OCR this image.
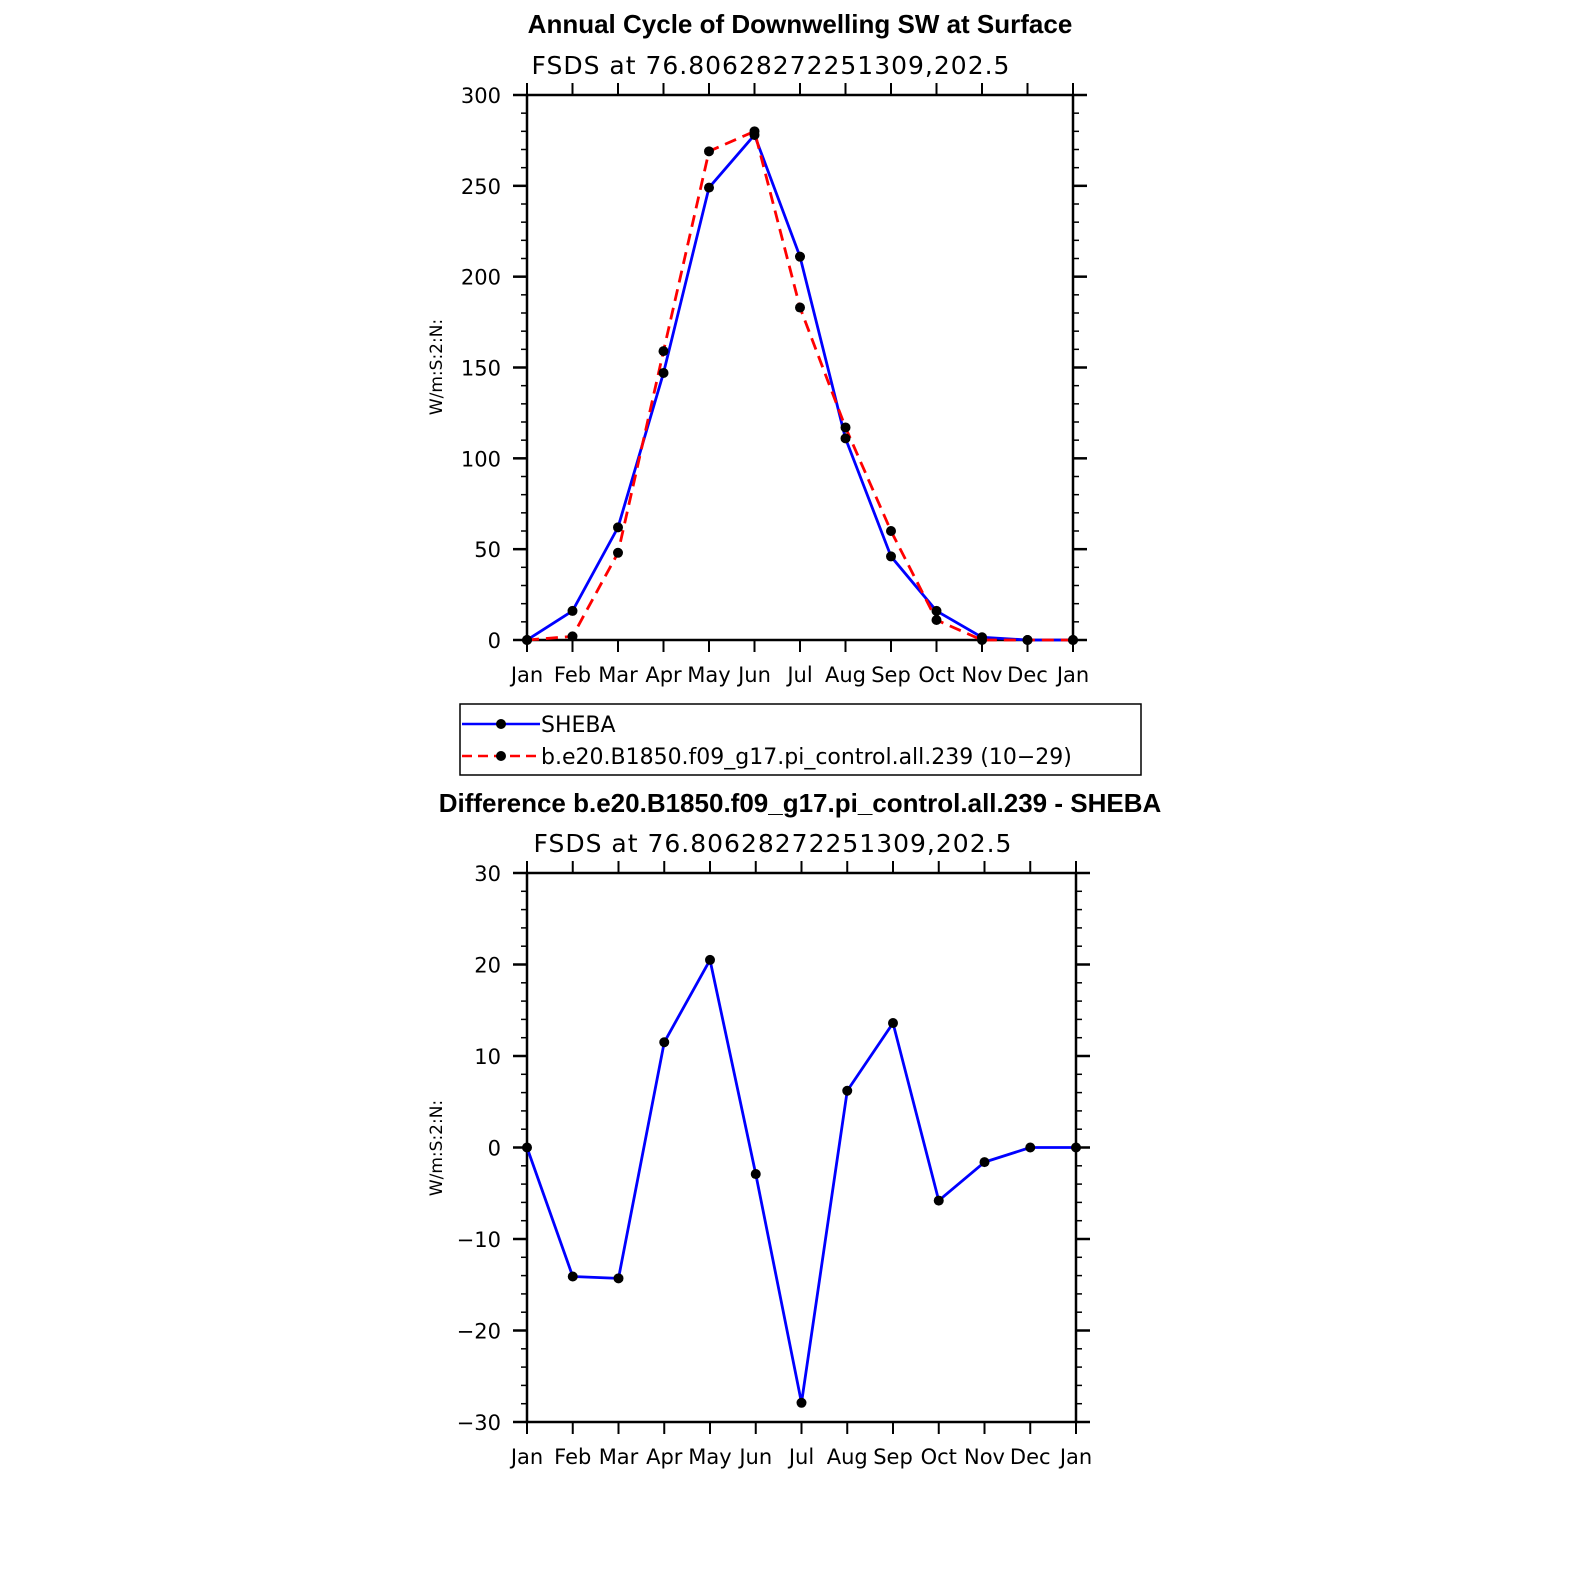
Annual Cycle of Downwelling SW at Surface
FSDS at 76.80628272251309,202.5
W/m:S:2:N:
Jan Feb Mar Apr May Jun Jul Aug Sep Oct Nov Dec Jan
0
50
100
150
200
250
300
SHEBA
b.e20.B1850.f09_g17.pi_control.all.239 (10−29)
Difference b.e20.B1850.f09_g17.pi_control.all.239 - SHEBA
FSDS at 76.80628272251309,202.5
W/m:S:2:N:
Jan Feb Mar Apr May Jun Jul Aug Sep Oct Nov Dec Jan
−30
−20
−10
0
10
20
30
